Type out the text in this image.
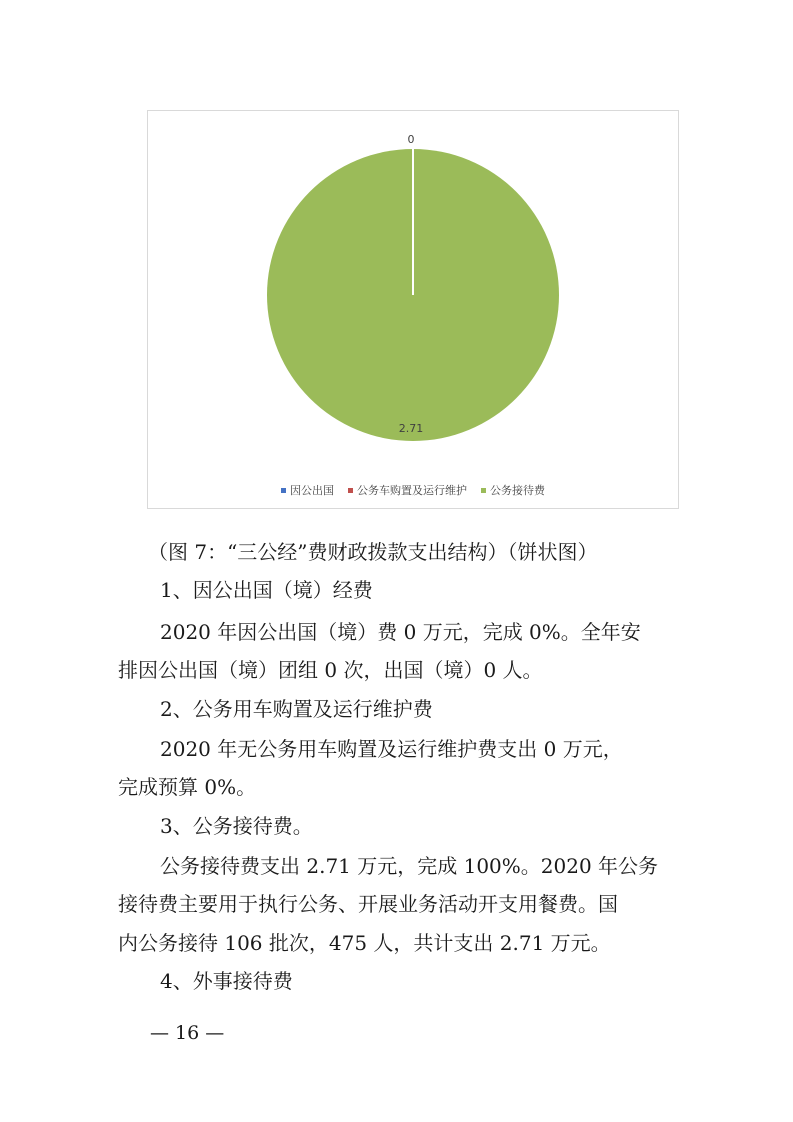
0
2.71
因公出国 公务车购置及运行维护 公务接待费
（图 7：“三公经”费财政拨款支出结构）（饼状图）
1、因公出国（境）经费
2020 年因公出国（境）费 0 万元，完成 0%。全年安
排因公出国（境）团组 0 次，出国（境）0 人。
2、公务用车购置及运行维护费
2020 年无公务用车购置及运行维护费支出 0 万元，
完成预算 0%。
3、公务接待费。
公务接待费支出 2.71 万元，完成 100%。2020 年公务
接待费主要用于执行公务、开展业务活动开支用餐费。国
内公务接待 106 批次，475 人，共计支出 2.71 万元。
4、外事接待费
— 16 —
